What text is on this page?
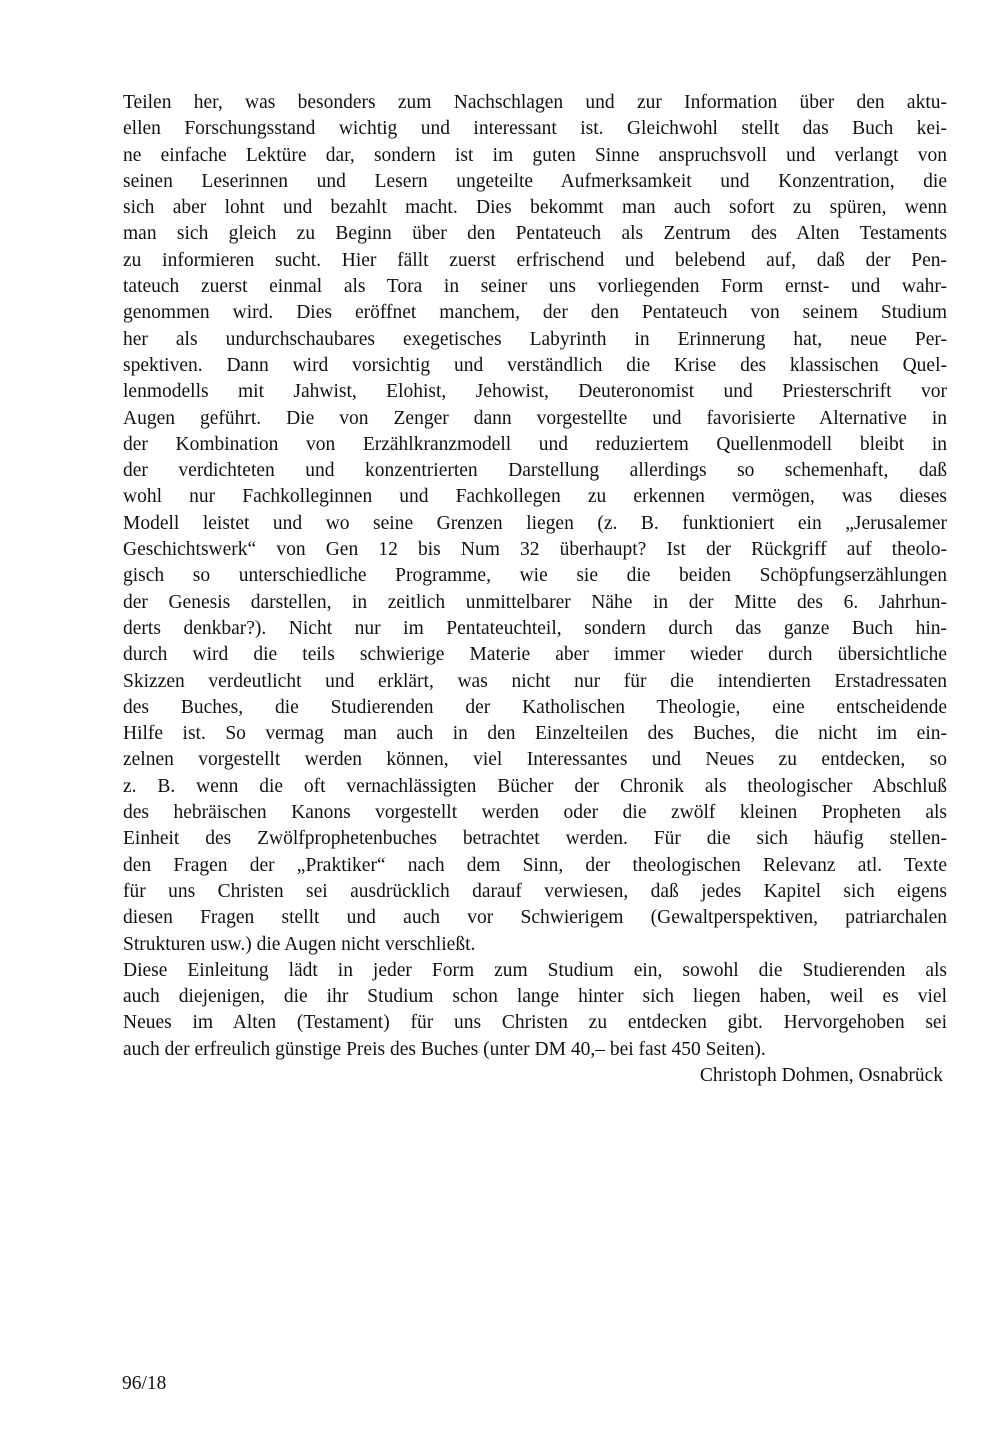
Teilen her, was besonders zum Nachschlagen und zur Information über den aktu-
ellen Forschungsstand wichtig und interessant ist. Gleichwohl stellt das Buch kei-
ne einfache Lektüre dar, sondern ist im guten Sinne anspruchsvoll und verlangt von
seinen Leserinnen und Lesern ungeteilte Aufmerksamkeit und Konzentration, die
sich aber lohnt und bezahlt macht. Dies bekommt man auch sofort zu spüren, wenn
man sich gleich zu Beginn über den Pentateuch als Zentrum des Alten Testaments
zu informieren sucht. Hier fällt zuerst erfrischend und belebend auf, daß der Pen-
tateuch zuerst einmal als Tora in seiner uns vorliegenden Form ernst- und wahr-
genommen wird. Dies eröffnet manchem, der den Pentateuch von seinem Studium
her als undurchschaubares exegetisches Labyrinth in Erinnerung hat, neue Per-
spektiven. Dann wird vorsichtig und verständlich die Krise des klassischen Quel-
lenmodells mit Jahwist, Elohist, Jehowist, Deuteronomist und Priesterschrift vor
Augen geführt. Die von Zenger dann vorgestellte und favorisierte Alternative in
der Kombination von Erzählkranzmodell und reduziertem Quellenmodell bleibt in
der verdichteten und konzentrierten Darstellung allerdings so schemenhaft, daß
wohl nur Fachkolleginnen und Fachkollegen zu erkennen vermögen, was dieses
Modell leistet und wo seine Grenzen liegen (z. B. funktioniert ein „Jerusalemer
Geschichtswerk“ von Gen 12 bis Num 32 überhaupt? Ist der Rückgriff auf theolo-
gisch so unterschiedliche Programme, wie sie die beiden Schöpfungserzählungen
der Genesis darstellen, in zeitlich unmittelbarer Nähe in der Mitte des 6. Jahrhun-
derts denkbar?). Nicht nur im Pentateuchteil, sondern durch das ganze Buch hin-
durch wird die teils schwierige Materie aber immer wieder durch übersichtliche
Skizzen verdeutlicht und erklärt, was nicht nur für die intendierten Erstadressaten
des Buches, die Studierenden der Katholischen Theologie, eine entscheidende
Hilfe ist. So vermag man auch in den Einzelteilen des Buches, die nicht im ein-
zelnen vorgestellt werden können, viel Interessantes und Neues zu entdecken, so
z. B. wenn die oft vernachlässigten Bücher der Chronik als theologischer Abschluß
des hebräischen Kanons vorgestellt werden oder die zwölf kleinen Propheten als
Einheit des Zwölfprophetenbuches betrachtet werden. Für die sich häufig stellen-
den Fragen der „Praktiker“ nach dem Sinn, der theologischen Relevanz atl. Texte
für uns Christen sei ausdrücklich darauf verwiesen, daß jedes Kapitel sich eigens
diesen Fragen stellt und auch vor Schwierigem (Gewaltperspektiven, patriarchalen
Strukturen usw.) die Augen nicht verschließt.
Diese Einleitung lädt in jeder Form zum Studium ein, sowohl die Studierenden als
auch diejenigen, die ihr Studium schon lange hinter sich liegen haben, weil es viel
Neues im Alten (Testament) für uns Christen zu entdecken gibt. Hervorgehoben sei
auch der erfreulich günstige Preis des Buches (unter DM 40,– bei fast 450 Seiten).
Christoph Dohmen, Osnabrück
96/18
